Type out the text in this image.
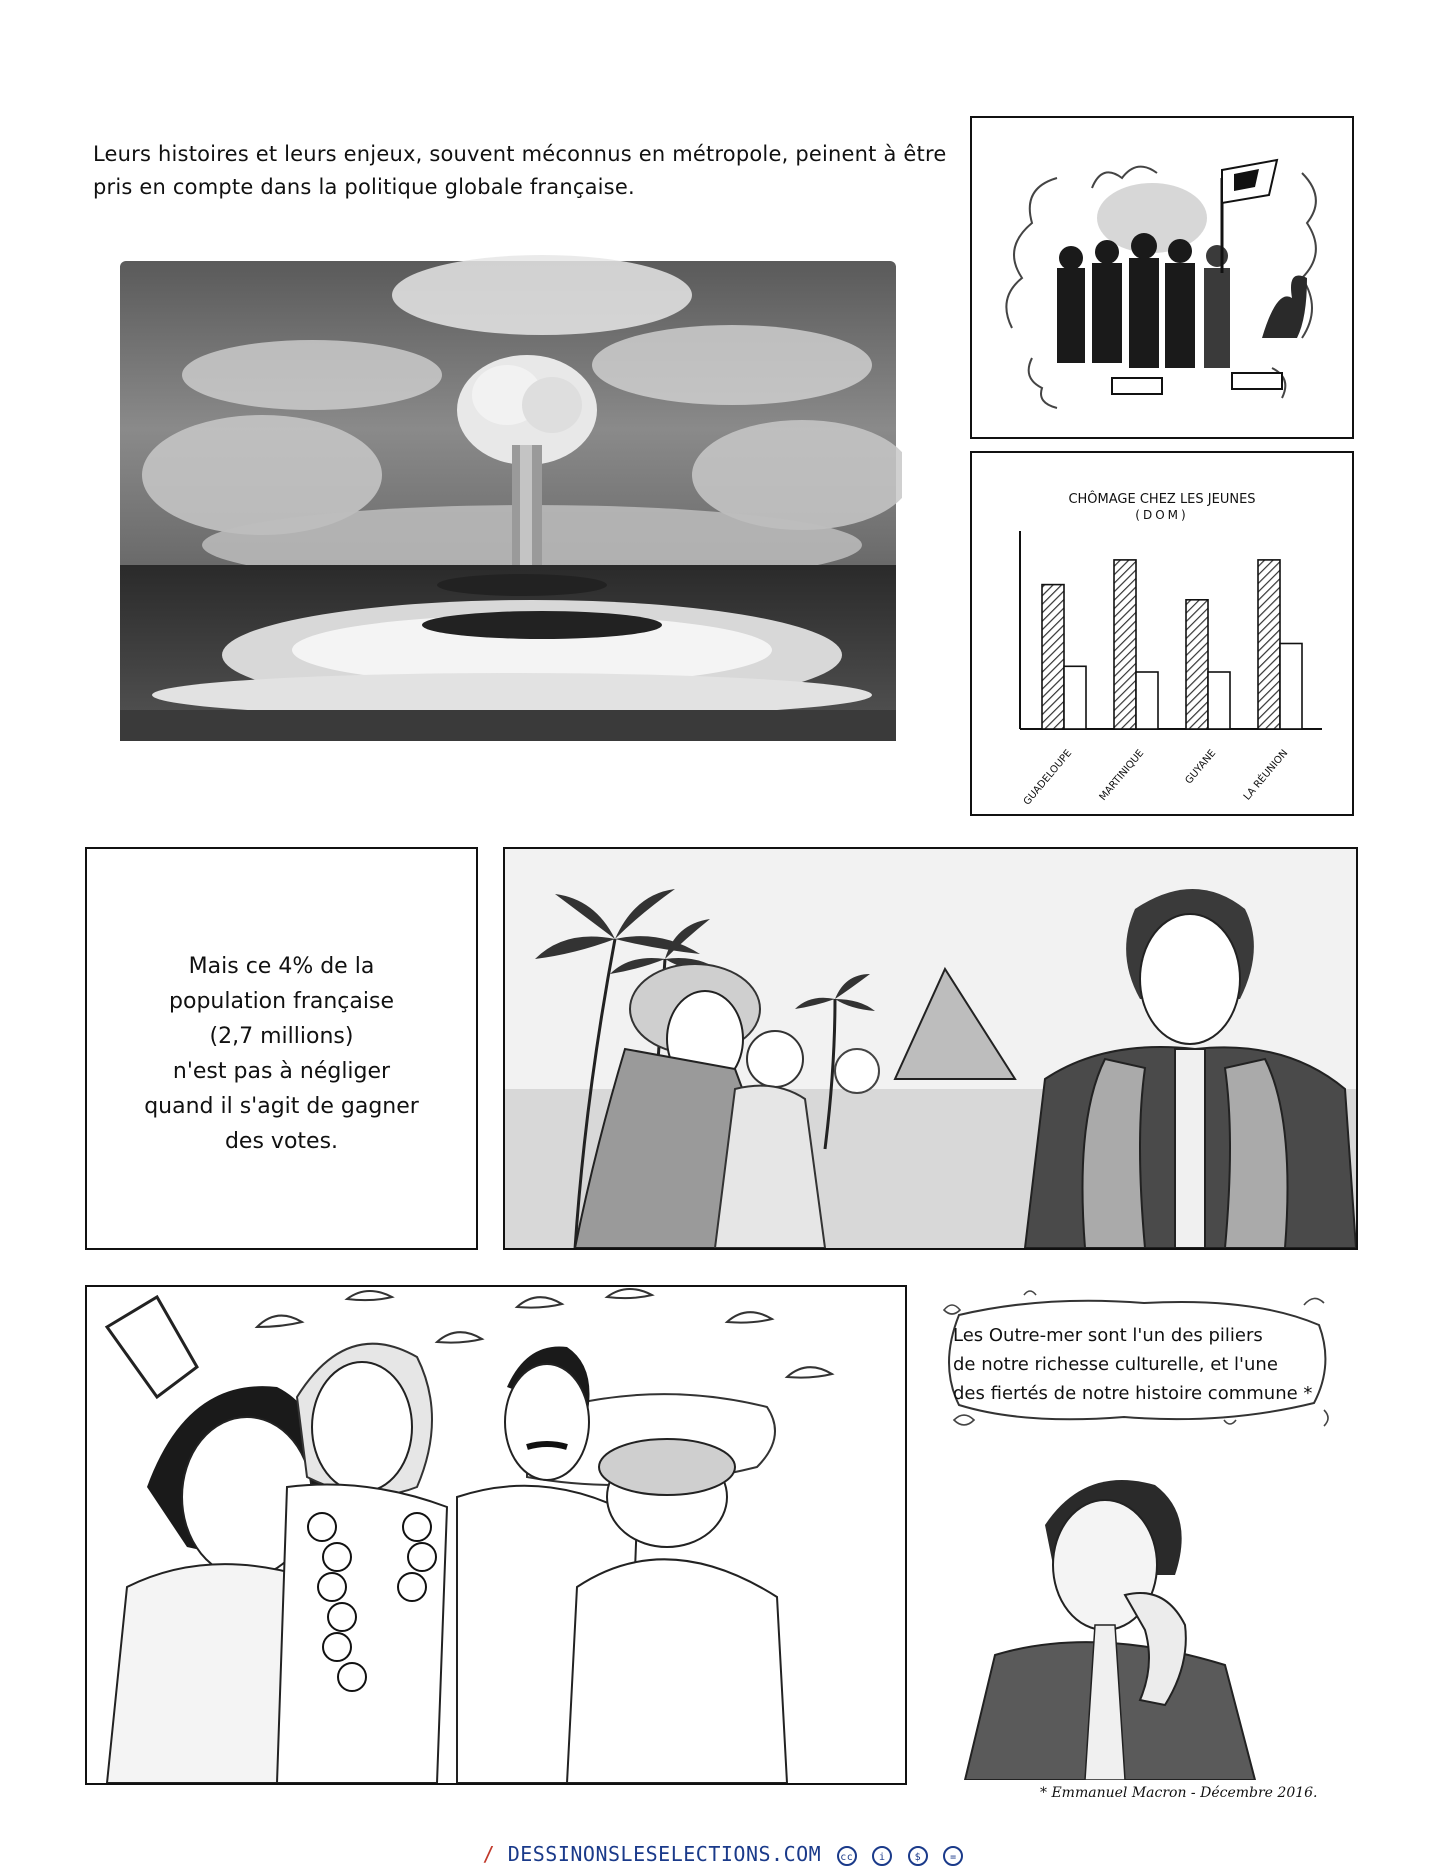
Leurs histoires et leurs enjeux, souvent méconnus en métropole, peinent à être
pris en compte dans la politique globale française.
CHÔMAGE CHEZ LES JEUNES
(DOM)
GUADELOUPE MARTINIQUE	GUYANE LA RÉUNION
Mais ce 4% de la
population française
(2,7 millions)
n'est pas à négliger
quand il s'agit de gagner
des votes.
Les Outre-mer sont l'un des piliers
de notre richesse culturelle, et l'une
des fiertés de notre histoire commune *
* Emmanuel Macron - Décembre 2016.
/ DESSINONSLESELECTIONS.COM cc	i	$	=
